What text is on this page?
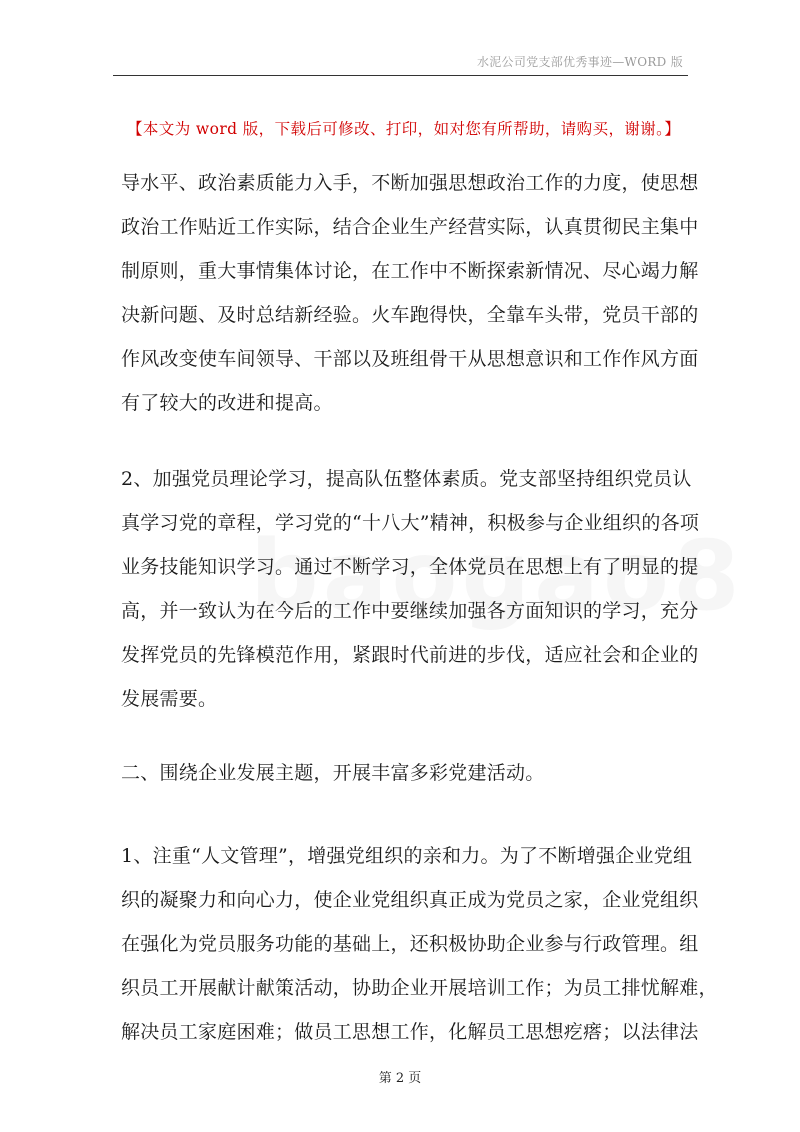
水泥公司党支部优秀事迹—WORD 版
【本文为 word 版，下载后可修改、打印，如对您有所帮助，请购买，谢谢。】
导水平、政治素质能力入手，不断加强思想政治工作的力度，使思想
政治工作贴近工作实际，结合企业生产经营实际，认真贯彻民主集中
制原则，重大事情集体讨论，在工作中不断探索新情况、尽心竭力解
决新问题、及时总结新经验。火车跑得快，全靠车头带，党员干部的
作风改变使车间领导、干部以及班组骨干从思想意识和工作作风方面
有了较大的改进和提高。
2、加强党员理论学习，提高队伍整体素质。党支部坚持组织党员认
真学习党的章程，学习党的“十八大”精神，积极参与企业组织的各项
业务技能知识学习。通过不断学习，全体党员在思想上有了明显的提
高，并一致认为在今后的工作中要继续加强各方面知识的学习，充分
发挥党员的先锋模范作用，紧跟时代前进的步伐，适应社会和企业的
发展需要。
二、围绕企业发展主题，开展丰富多彩党建活动。
1、注重“人文管理”，增强党组织的亲和力。为了不断增强企业党组
织的凝聚力和向心力，使企业党组织真正成为党员之家，企业党组织
在强化为党员服务功能的基础上，还积极协助企业参与行政管理。组
织员工开展献计献策活动，协助企业开展培训工作；为员工排忧解难，
解决员工家庭困难；做员工思想工作，化解员工思想疙瘩；以法律法
第 2 页
